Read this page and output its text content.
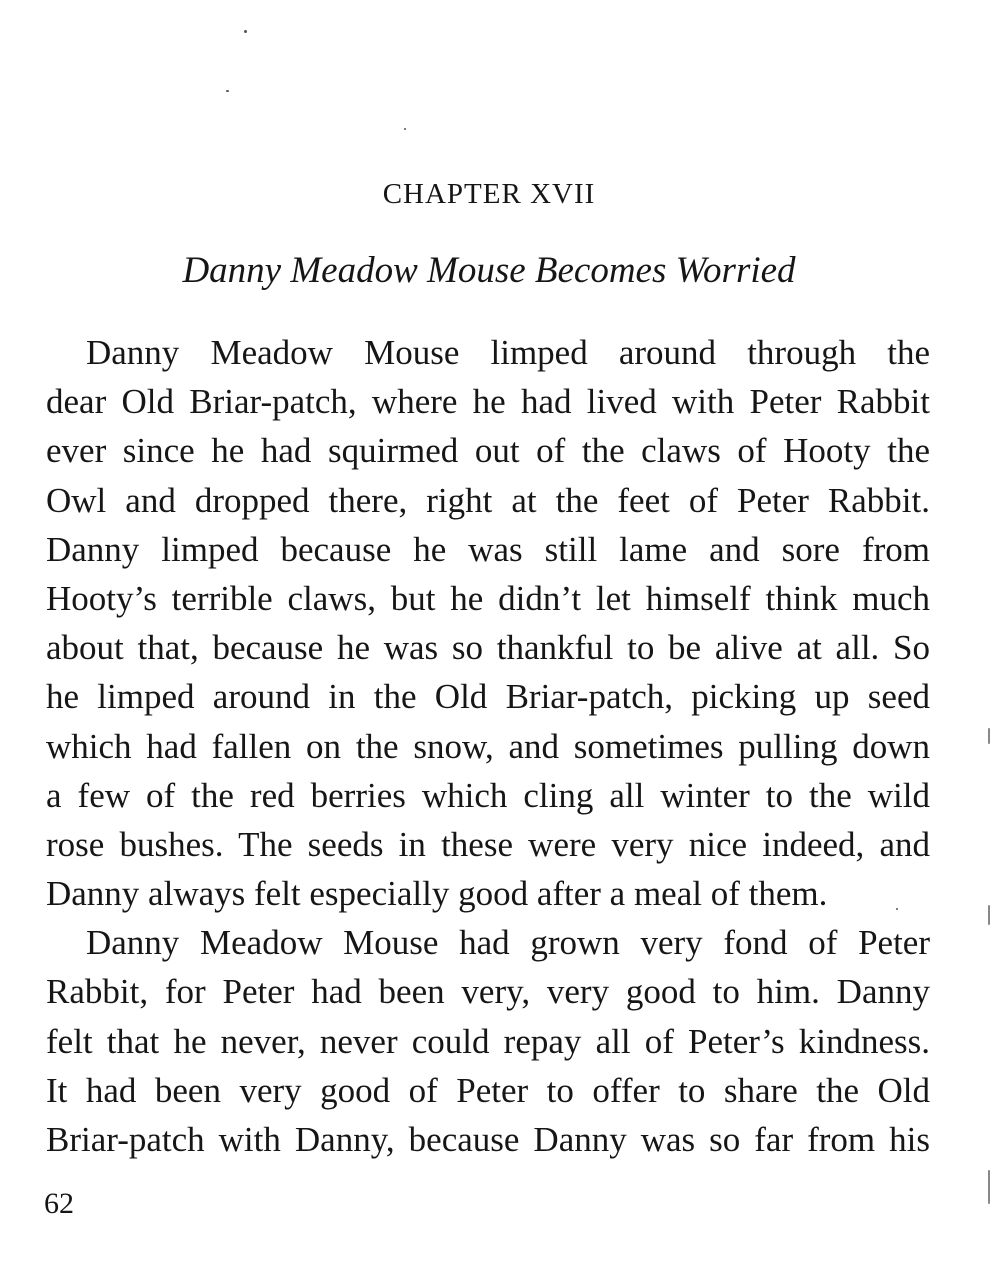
CHAPTER XVII
Danny Meadow Mouse Becomes Worried
Danny Meadow Mouse limped around through the
dear Old Briar-patch, where he had lived with Peter Rabbit
ever since he had squirmed out of the claws of Hooty the
Owl and dropped there, right at the feet of Peter Rabbit.
Danny limped because he was still lame and sore from
Hooty’s terrible claws, but he didn’t let himself think much
about that, because he was so thankful to be alive at all. So
he limped around in the Old Briar-patch, picking up seed
which had fallen on the snow, and sometimes pulling down
a few of the red berries which cling all winter to the wild
rose bushes. The seeds in these were very nice indeed, and
Danny always felt especially good after a meal of them.
Danny Meadow Mouse had grown very fond of Peter
Rabbit, for Peter had been very, very good to him. Danny
felt that he never, never could repay all of Peter’s kindness.
It had been very good of Peter to offer to share the Old
Briar-patch with Danny, because Danny was so far from his
62
